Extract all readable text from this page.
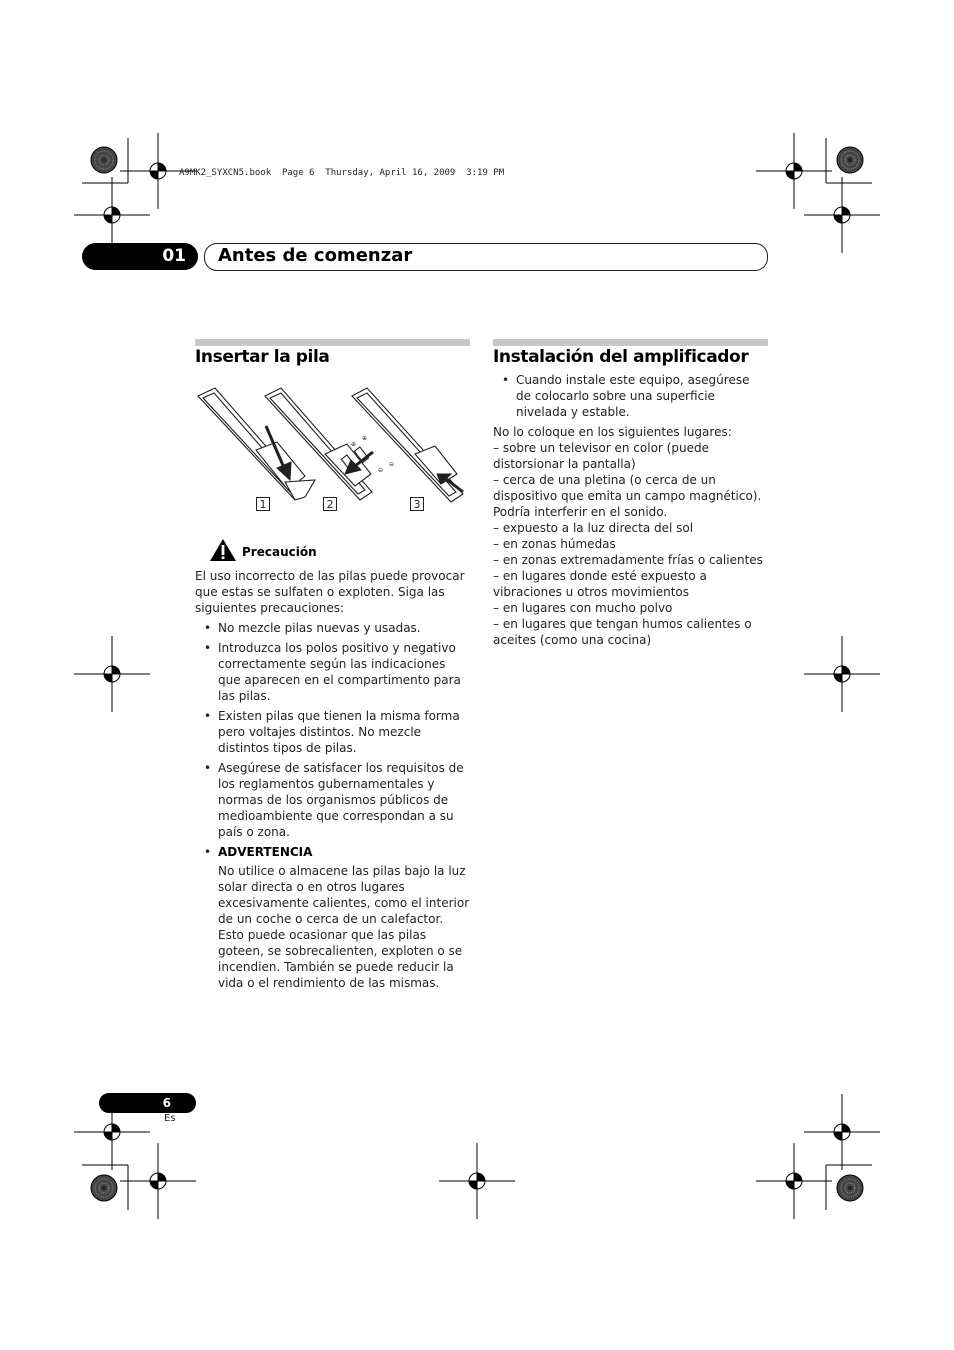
A9MK2_SYXCN5.book  Page 6  Thursday, April 16, 2009  3:19 PM
01	Antes de comenzar
Insertar la pila
⊕
⊕
⊖
⊖
1	2	3
Precaución

El uso incorrecto de las pilas puede provocar que estas se sulfaten o exploten. Siga las siguientes precauciones:

• No mezcle pilas nuevas y usadas.
• Introduzca los polos positivo y negativo correctamente según las indicaciones que aparecen en el compartimento para las pilas.
• Existen pilas que tienen la misma forma pero voltajes distintos. No mezcle distintos tipos de pilas.
• Asegúrese de satisfacer los requisitos de los reglamentos gubernamentales y normas de los organismos públicos de medioambiente que correspondan a su país o zona.
• ADVERTENCIA
No utilice o almacene las pilas bajo la luz solar directa o en otros lugares excesivamente calientes, como el interior de un coche o cerca de un calefactor. Esto puede ocasionar que las pilas goteen, se sobrecalienten, exploten o se incendien. También se puede reducir la vida o el rendimiento de las mismas.
Instalación del amplificador
• Cuando instale este equipo, asegúrese de colocarlo sobre una superficie nivelada y estable.

No lo coloque en los siguientes lugares:

– sobre un televisor en color (puede distorsionar la pantalla)
– cerca de una pletina (o cerca de un dispositivo que emita un campo magnético). Podría interferir en el sonido.
– expuesto a la luz directa del sol
– en zonas húmedas
– en zonas extremadamente frías o calientes
– en lugares donde esté expuesto a vibraciones u otros movimientos
– en lugares con mucho polvo
– en lugares que tengan humos calientes o aceites (como una cocina)
6
Es
